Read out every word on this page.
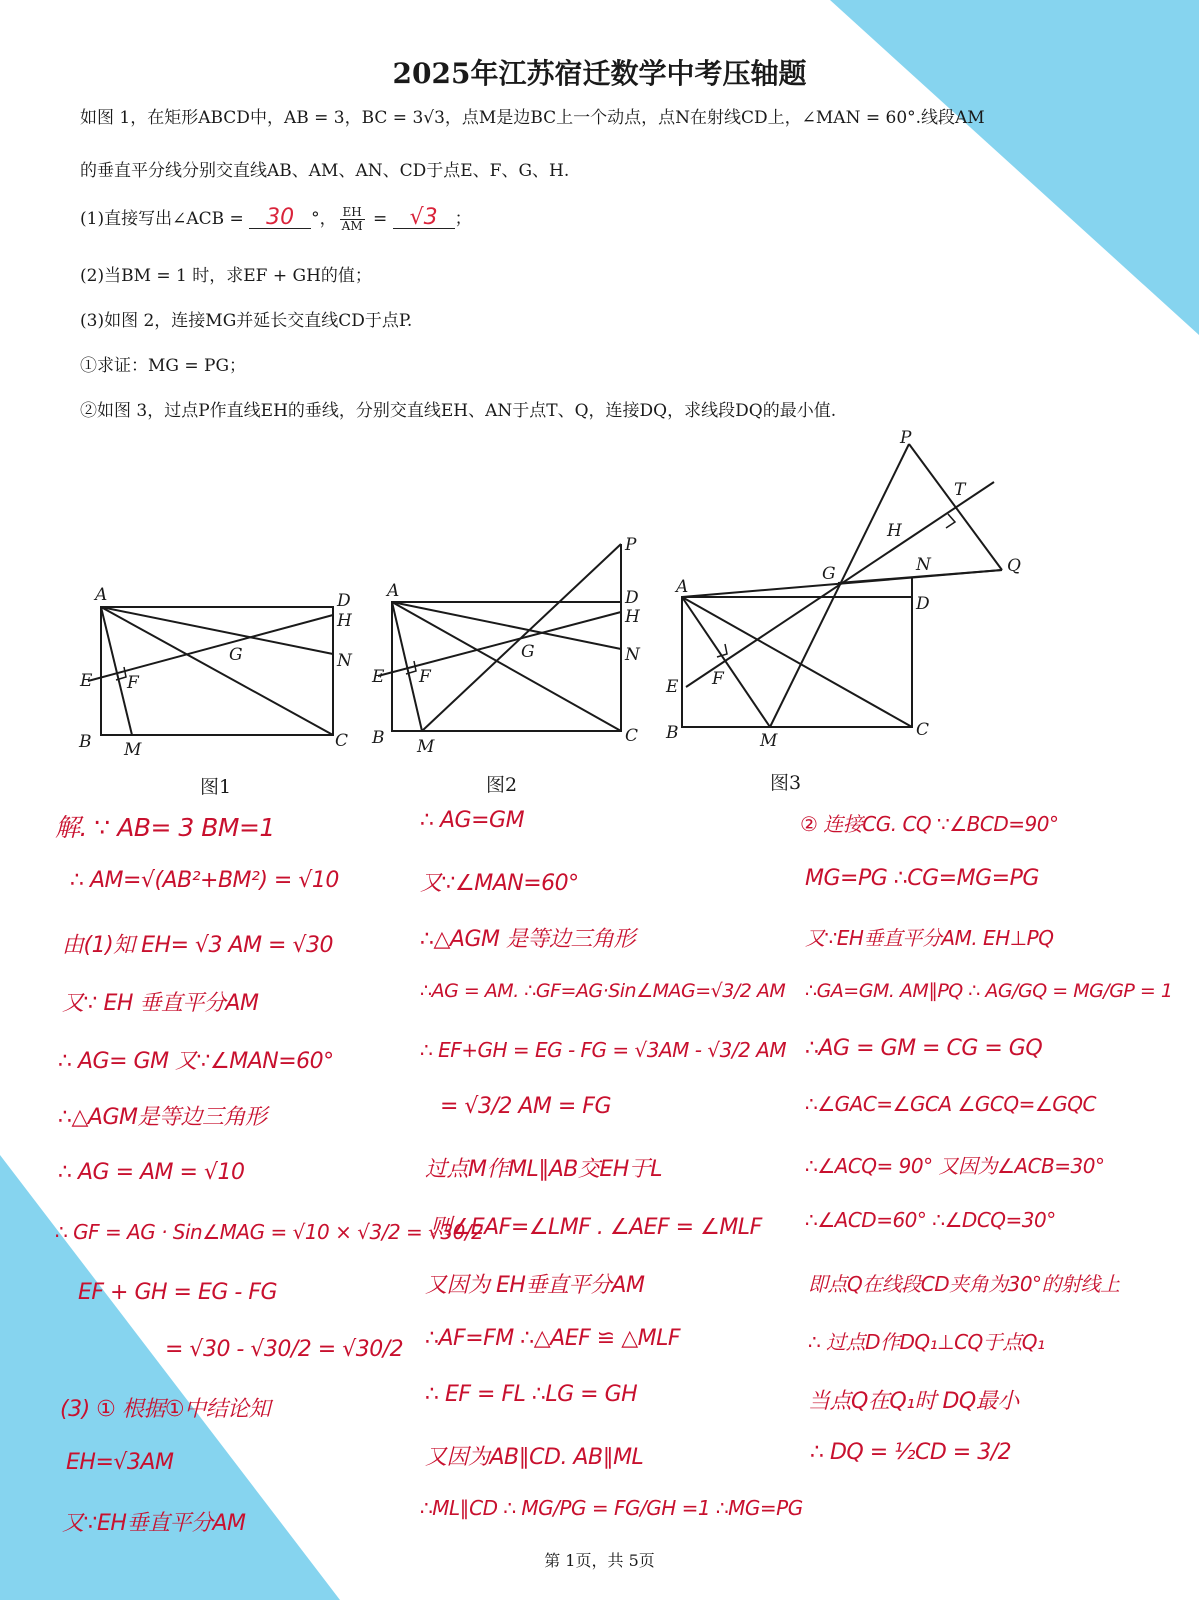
2025年江苏宿迁数学中考压轴题
如图 1，在矩形ABCD中，AB = 3，BC = 3√3，点M是边BC上一个动点，点N在射线CD上，∠MAN = 60°.线段AM
的垂直平分线分别交直线AB、AM、AN、CD于点E、F、G、H.
(1)直接写出∠ACB = 30 °， $\frac{EH}{AM} = √3$ ；
(2)当BM = 1 时，求EF + GH的值；
(3)如图 2，连接MG并延长交直线CD于点P.
①求证：MG = PG；
②如图 3，过点P作直线EH的垂线，分别交直线EH、AN于点T、Q，连接DQ，求线段DQ的最小值.
A	D
H
G	N
E F
B M	C
图1
A
P
D
H
G	N
E F
B M
C
图2
A
P
T
H
G	N	Q
D
E F
B	M
C
图3
解. ∵ AB= 3 BM=1
∴ AM=√(AB²+BM²) = √10
由(1)知 EH= √3 AM = √30
又∵ EH 垂直平分AM
∴ AG= GM 又∵∠MAN=60°
∴△AGM是等边三角形
∴ AG = AM = √10
∴ GF = AG · Sin∠MAG = √10 × √3/2 = √30/2
EF + GH = EG - FG
= √30 - √30/2 = √30/2
(3) ① 根据①中结论知
EH=√3AM
又∵EH垂直平分AM
∴ AG=GM
又∵∠MAN=60°
∴△AGM 是等边三角形
∴AG = AM. ∴GF=AG·Sin∠MAG=√3/2 AM
∴ EF+GH = EG - FG = √3AM - √3/2 AM
= √3/2 AM = FG
过点M作ML∥AB交EH于L
则∠EAF=∠LMF . ∠AEF = ∠MLF
又因为 EH垂直平分AM
∴AF=FM ∴△AEF ≌ △MLF
∴ EF = FL ∴LG = GH
又因为AB∥CD. AB∥ML
∴ML∥CD ∴ MG/PG = FG/GH =1 ∴MG=PG
② 连接CG. CQ ∵∠BCD=90°
MG=PG ∴CG=MG=PG
又∵EH垂直平分AM. EH⊥PQ
∴GA=GM. AM∥PQ ∴ AG/GQ = MG/GP = 1
∴AG = GM = CG = GQ
∴∠GAC=∠GCA ∠GCQ=∠GQC
∴∠ACQ= 90° 又因为∠ACB=30°
∴∠ACD=60° ∴∠DCQ=30°
即点Q在线段CD夹角为30°的射线上
∴ 过点D作DQ₁⊥CQ于点Q₁
当点Q在Q₁时 DQ最小
∴ DQ = ½CD = 3/2
第 1页，共 5页
